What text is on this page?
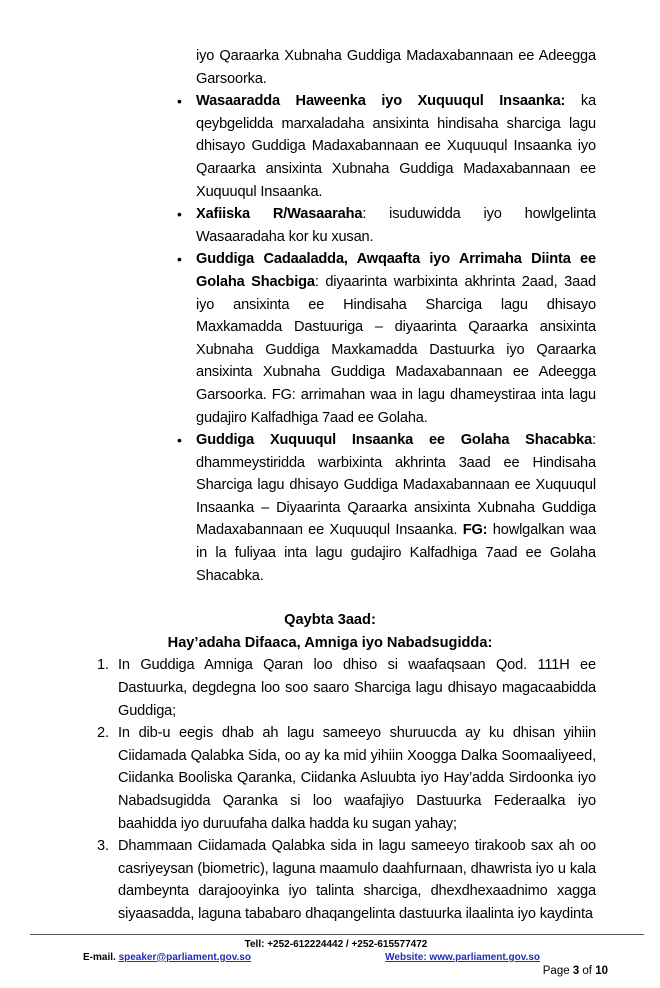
iyo Qaraarka Xubnaha Guddiga Madaxabannaan ee Adeegga Garsoorka.
• Wasaaradda Haweenka iyo Xuquuqul Insaanka: ka qeybgelidda marxaladaha ansixinta hindisaha sharciga lagu dhisayo Guddiga Madaxabannaan ee Xuquuqul Insaanka iyo Qaraarka ansixinta Xubnaha Guddiga Madaxabannaan ee Xuquuqul Insaanka.
• Xafiiska R/Wasaaraha: isuduwidda iyo howlgelinta Wasaaradaha kor ku xusan.
• Guddiga Cadaaladda, Awqaafta iyo Arrimaha Diinta ee Golaha Shacbiga: diyaarinta warbixinta akhrinta 2aad, 3aad iyo ansixinta ee Hindisaha Sharciga lagu dhisayo Maxkamadda Dastuuriga – diyaarinta Qaraarka ansixinta Xubnaha Guddiga Maxkamadda Dastuurka iyo Qaraarka ansixinta Xubnaha Guddiga Madaxabannaan ee Adeegga Garsoorka. FG: arrimahan waa in lagu dhameystiraa inta lagu gudajiro Kalfadhiga 7aad ee Golaha.
• Guddiga Xuquuqul Insaanka ee Golaha Shacabka: dhammeystiridda warbixinta akhrinta 3aad ee Hindisaha Sharciga lagu dhisayo Guddiga Madaxabannaan ee Xuquuqul Insaanka – Diyaarinta Qaraarka ansixinta Xubnaha Guddiga Madaxabannaan ee Xuquuqul Insaanka. FG: howlgalkan waa in la fuliyaa inta lagu gudajiro Kalfadhiga 7aad ee Golaha Shacabka.
Qaybta 3aad:
Hay’adaha Difaaca, Amniga iyo Nabadsugidda:
1. In Guddiga Amniga Qaran loo dhiso si waafaqsaan Qod. 111H ee Dastuurka, degdegna loo soo saaro Sharciga lagu dhisayo magacaabidda Guddiga;
2. In dib-u eegis dhab ah lagu sameeyo shuruucda ay ku dhisan yihiin Ciidamada Qalabka Sida, oo ay ka mid yihiin Xoogga Dalka Soomaaliyeed, Ciidanka Booliska Qaranka, Ciidanka Asluubta iyo Hay’adda Sirdoonka iyo Nabadsugidda Qaranka si loo waafajiyo Dastuurka Federaalka iyo baahidda iyo duruufaha dalka hadda ku sugan yahay;
3. Dhammaan Ciidamada Qalabka sida in lagu sameeyo tirakoob sax ah oo casriyeysan (biometric), laguna maamulo daahfurnaan, dhawrista iyo u kala dambeynta darajooyinka iyo talinta sharciga, dhexdhexaadnimo xagga siyaasadda, laguna tababaro dhaqangelinta dastuurka ilaalinta iyo kaydinta
Tell: +252-612224442 / +252-615577472
E-mail. speaker@parliament.gov.so	Website: www.parliament.gov.so
Page 3 of 10
